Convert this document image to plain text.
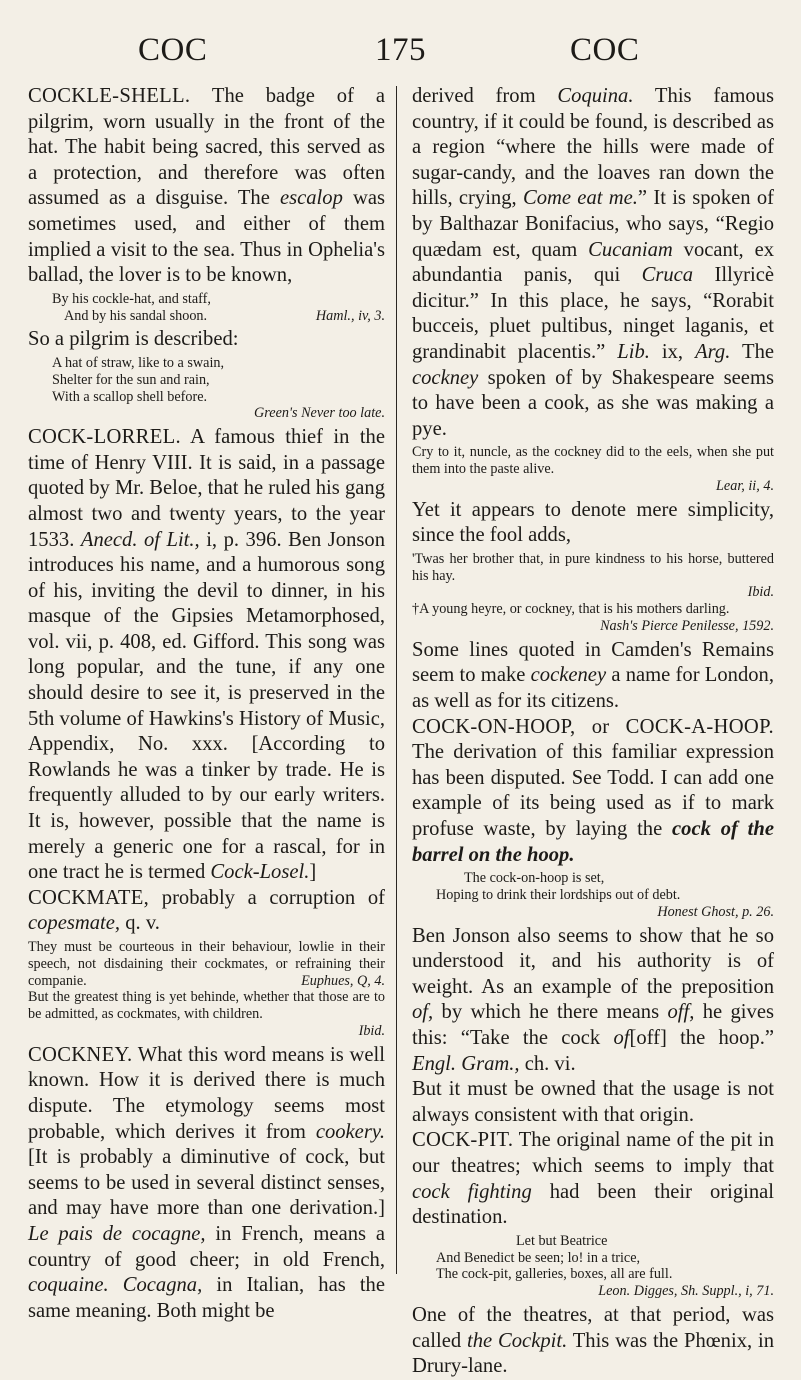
COC	175	COC

COCKLE-SHELL. The badge of a pilgrim, worn usually in the front of the hat. The habit being sacred, this served as a protection, and therefore was often assumed as a disguise. The escalop was sometimes used, and either of them implied a visit to the sea. Thus in Ophelia's ballad, the lover is to be known,

By his cockle-hat, and staff,
And by his sandal shoon.	Haml., iv, 3.

So a pilgrim is described:

A hat of straw, like to a swain,
Shelter for the sun and rain,
With a scallop shell before.
Green's Never too late.

COCK-LORREL. A famous thief in the time of Henry VIII. It is said, in a passage quoted by Mr. Beloe, that he ruled his gang almost two and twenty years, to the year 1533. Anecd. of Lit., i, p. 396. Ben Jonson introduces his name, and a humorous song of his, inviting the devil to dinner, in his masque of the Gipsies Metamorphosed, vol. vii, p. 408, ed. Gifford. This song was long popular, and the tune, if any one should desire to see it, is preserved in the 5th volume of Hawkins's History of Music, Appendix, No. xxx. [According to Rowlands he was a tinker by trade. He is frequently alluded to by our early writers. It is, however, possible that the name is merely a generic one for a rascal, for in one tract he is termed Cock-Losel.]

COCKMATE, probably a corruption of copesmate, q. v.

They must be courteous in their behaviour, lowlie in their speech, not disdaining their cockmates, or refraining their companie.	Euphues, Q, 4.
But the greatest thing is yet behinde, whether that those are to be admitted, as cockmates, with children.
Ibid.

COCKNEY. What this word means is well known. How it is derived there is much dispute. The etymology seems most probable, which derives it from cookery. [It is probably a diminutive of cock, but seems to be used in several distinct senses, and may have more than one derivation.] Le pais de cocagne, in French, means a country of good cheer; in old French, coquaine. Cocagna, in Italian, has the same meaning. Both might be

derived from Coquina. This famous country, if it could be found, is described as a region “where the hills were made of sugar-candy, and the loaves ran down the hills, crying, Come eat me.” It is spoken of by Balthazar Bonifacius, who says, “Regio quædam est, quam Cucaniam vocant, ex abundantia panis, qui Cruca Illyricè dicitur.” In this place, he says, “Rorabit bucceis, pluet pultibus, ninget laganis, et grandinabit placentis.” Lib. ix, Arg. The cockney spoken of by Shakespeare seems to have been a cook, as she was making a pye.

Cry to it, nuncle, as the cockney did to the eels, when she put them into the paste alive.
Lear, ii, 4.

Yet it appears to denote mere simplicity, since the fool adds,

'Twas her brother that, in pure kindness to his horse, buttered his hay.
Ibid.
†A young heyre, or cockney, that is his mothers darling.
Nash's Pierce Penilesse, 1592.

Some lines quoted in Camden's Remains seem to make cockeney a name for London, as well as for its citizens.

COCK-ON-HOOP, or COCK-A-HOOP. The derivation of this familiar expression has been disputed. See Todd. I can add one example of its being used as if to mark profuse waste, by laying the cock of the barrel on the hoop.

The cock-on-hoop is set,
Hoping to drink their lordships out of debt.
Honest Ghost, p. 26.

Ben Jonson also seems to show that he so understood it, and his authority is of weight. As an example of the preposition of, by which he there means off, he gives this: “Take the cock of[off] the hoop.” Engl. Gram., ch. vi.

But it must be owned that the usage is not always consistent with that origin.

COCK-PIT. The original name of the pit in our theatres; which seems to imply that cock fighting had been their original destination.

Let but Beatrice
And Benedict be seen; lo! in a trice,
The cock-pit, galleries, boxes, all are full.
Leon. Digges, Sh. Suppl., i, 71.

One of the theatres, at that period, was called the Cockpit. This was the Phœnix, in Drury-lane.
